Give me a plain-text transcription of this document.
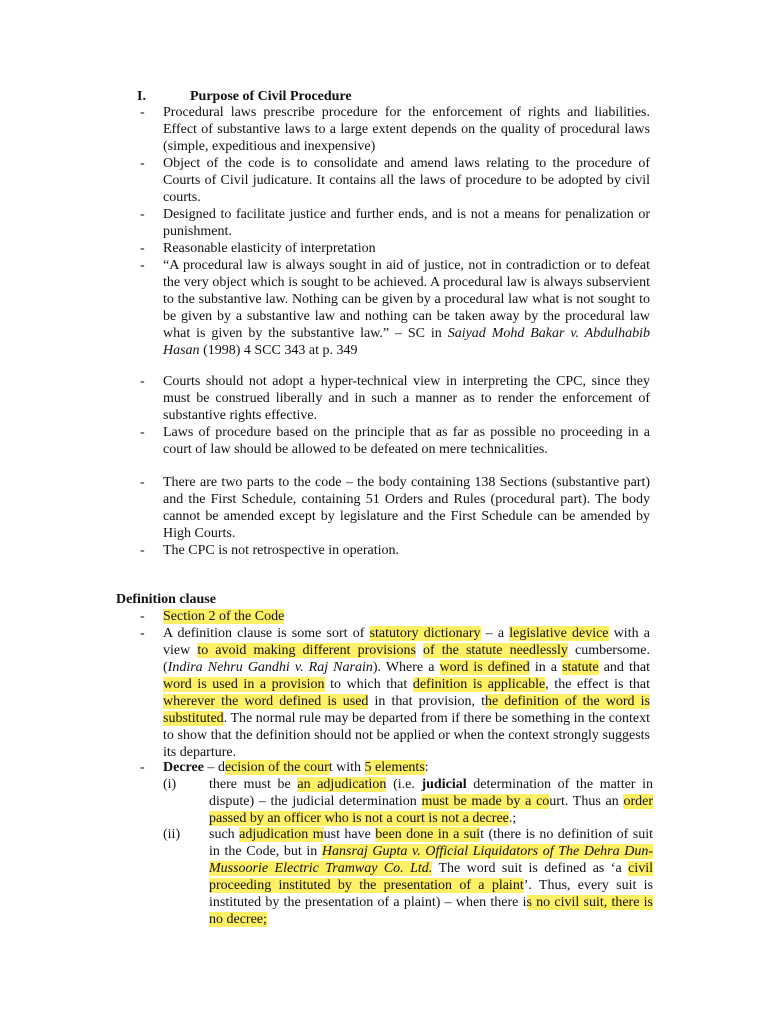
I.	Purpose of Civil Procedure
- Procedural laws prescribe procedure for the enforcement of rights and liabilities. Effect of substantive laws to a large extent depends on the quality of procedural laws (simple, expeditious and inexpensive)
- Object of the code is to consolidate and amend laws relating to the procedure of Courts of Civil judicature. It contains all the laws of procedure to be adopted by civil courts.
- Designed to facilitate justice and further ends, and is not a means for penalization or punishment.
- Reasonable elasticity of interpretation
- “A procedural law is always sought in aid of justice, not in contradiction or to defeat the very object which is sought to be achieved. A procedural law is always subservient to the substantive law. Nothing can be given by a procedural law what is not sought to be given by a substantive law and nothing can be taken away by the procedural law what is given by the substantive law.” – SC in Saiyad Mohd Bakar v. Abdulhabib Hasan (1998) 4 SCC 343 at p. 349
- Courts should not adopt a hyper-technical view in interpreting the CPC, since they must be construed liberally and in such a manner as to render the enforcement of substantive rights effective.
- Laws of procedure based on the principle that as far as possible no proceeding in a court of law should be allowed to be defeated on mere technicalities.
- There are two parts to the code – the body containing 138 Sections (substantive part) and the First Schedule, containing 51 Orders and Rules (procedural part). The body cannot be amended except by legislature and the First Schedule can be amended by High Courts.
- The CPC is not retrospective in operation.
Definition clause
- Section 2 of the Code
- A definition clause is some sort of statutory dictionary – a legislative device with a view to avoid making different provisions of the statute needlessly cumbersome. (Indira Nehru Gandhi v. Raj Narain). Where a word is defined in a statute and that word is used in a provision to which that definition is applicable, the effect is that wherever the word defined is used in that provision, the definition of the word is substituted. The normal rule may be departed from if there be something in the context to show that the definition should not be applied or when the context strongly suggests its departure.
- Decree – decision of the court with 5 elements:
(i) there must be an adjudication (i.e. judicial determination of the matter in dispute) – the judicial determination must be made by a court. Thus an order passed by an officer who is not a court is not a decree.;
(ii) such adjudication must have been done in a suit (there is no definition of suit in the Code, but in Hansraj Gupta v. Official Liquidators of The Dehra Dun-Mussoorie Electric Tramway Co. Ltd. The word suit is defined as ‘a civil proceeding instituted by the presentation of a plaint’. Thus, every suit is instituted by the presentation of a plaint) – when there is no civil suit, there is no decree;
